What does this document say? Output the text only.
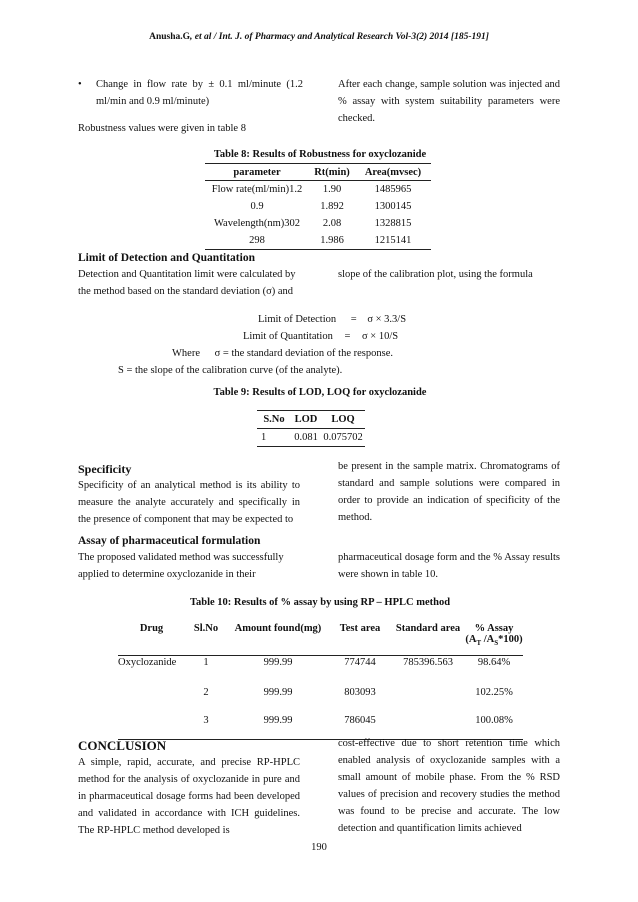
Anusha.G, et al / Int. J. of Pharmacy and Analytical Research Vol-3(2) 2014 [185-191]
• Change in flow rate by ± 0.1 ml/minute (1.2 ml/min and 0.9 ml/minute)
Robustness values were given in table 8
After each change, sample solution was injected and % assay with system suitability parameters were checked.
Table 8: Results of Robustness for oxyclozanide
parameter	Rt(min)	Area(mvsec)
Flow rate(ml/min)1.2	1.90	1485965
0.9	1.892	1300145
Wavelength(nm)302	2.08	1328815
298	1.986	1215141
Limit of Detection and Quantitation
Detection and Quantitation limit were calculated by
the method based on the standard deviation (σ) and
slope of the calibration plot, using the formula
Limit of Detection = σ × 3.3/S
Limit of Quantitation = σ × 10/S
Where σ = the standard deviation of the response.
S = the slope of the calibration curve (of the analyte).
Table 9: Results of LOD, LOQ for oxyclozanide
S.No	LOD	LOQ
1	0.081	0.075702
Specificity
Specificity of an analytical method is its ability to measure the analyte accurately and specifically in the presence of component that may be expected to
be present in the sample matrix. Chromatograms of standard and sample solutions were compared in order to provide an indication of specificity of the method.
Assay of pharmaceutical formulation
The proposed validated method was successfully
applied to determine oxyclozanide in their
pharmaceutical dosage form and the % Assay results were shown in table 10.
Table 10: Results of % assay by using RP – HPLC method
Drug	Sl.No	Amount found(mg)	Test area	Standard area	% Assay
($A_T$ $/A_S*100$)

Oxyclozanide	1	999.99	774744	785396.563	98.64%
	2	999.99	803093		102.25%
	3	999.99	786045		100.08%
CONCLUSION
A simple, rapid, accurate, and precise RP-HPLC method for the analysis of oxyclozanide in pure and in pharmaceutical dosage forms had been developed and validated in accordance with ICH guidelines. The RP-HPLC method developed is
cost-effective due to short retention time which enabled analysis of oxyclozanide samples with a small amount of mobile phase. From the % RSD values of precision and recovery studies the method was found to be precise and accurate. The low detection and quantification limits achieved
190
